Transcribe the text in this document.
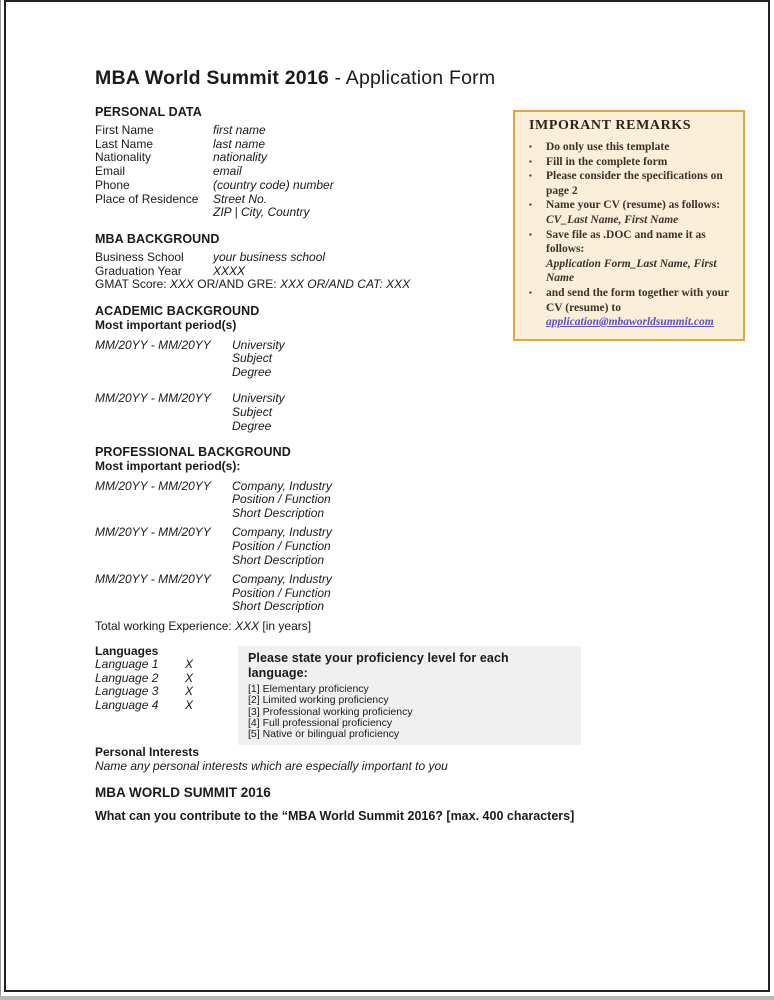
MBA World Summit 2016 - Application Form
PERSONAL DATA
First Name	first name
Last Name	last name
Nationality	nationality
Email	email
Phone	(country code) number
Place of Residence	Street No.
ZIP | City, Country
MBA BACKGROUND
Business School	your business school
Graduation Year	XXXX
GMAT Score: XXX OR/AND GRE: XXX OR/AND CAT: XXX
ACADEMIC BACKGROUND

Most important period(s)

MM/20YY - MM/20YY	University
Subject
Degree
MM/20YY - MM/20YY	University
Subject
Degree
PROFESSIONAL BACKGROUND

Most important period(s):

MM/20YY - MM/20YY	Company, Industry
Position / Function
Short Description
MM/20YY - MM/20YY	Company, Industry
Position / Function
Short Description
MM/20YY - MM/20YY	Company, Industry
Position / Function
Short Description
Total working Experience: XXX [in years]
Languages
Language 1	X
Language 2	X
Language 3	X
Language 4	X
Please state your proficiency level for each language:
[1] Elementary proficiency
[2] Limited working proficiency
[3] Professional working proficiency
[4] Full professional proficiency
[5] Native or bilingual proficiency
Personal Interests
Name any personal interests which are especially important to you
MBA WORLD SUMMIT 2016
What can you contribute to the “MBA World Summit 2016? [max. 400 characters]
IMPORANT REMARKS
▪	Do only use this template
▪	Fill in the complete form
▪	Please consider the specifications on page 2
▪	Name your CV (resume) as follows:
CV_Last Name, First Name
▪	Save file as .DOC and name it as follows:
Application Form_Last Name, First Name
▪	and send the form together with your CV (resume) to
application@mbaworldsummit.com
